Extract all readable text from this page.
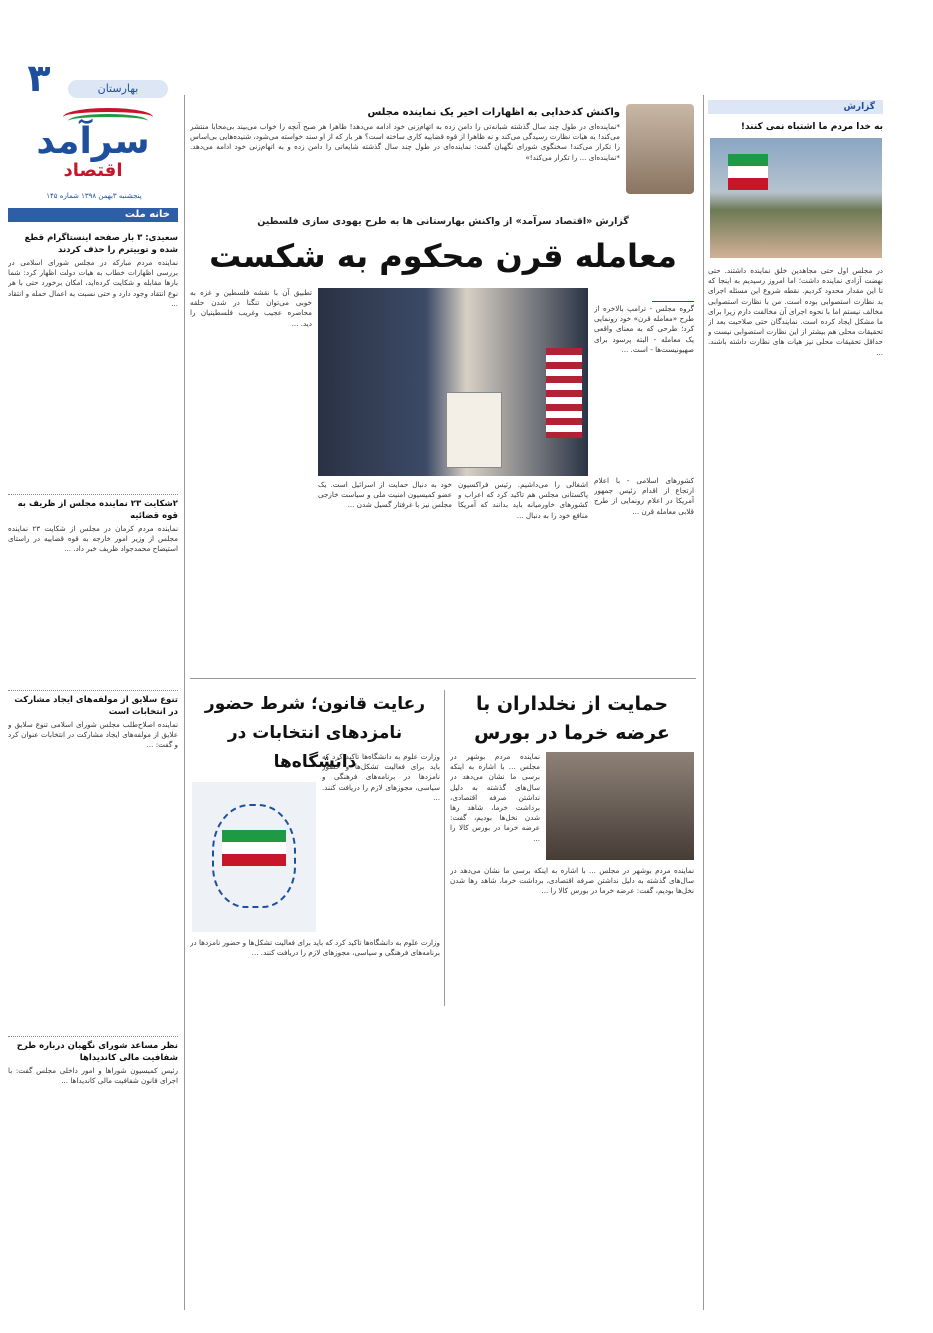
۳	بهارستان
سرآمد
اقتصاد
پنجشنبه ۳بهمن ۱۳۹۸ شماره ۱۴۵
خانه ملت
سعیدی: ۳ بار صفحه اینستاگرام قطع شده و توییترم را حذف کردند
نماینده مردم مبارکه در مجلس شورای اسلامی در بررسی اظهارات خطاب به هیات دولت اظهار کرد: شما بارها مقابله و شکایت کرده‌اید، امکان برخورد حتی با هر نوع انتقاد وجود دارد و حتی نسبت به اعمال حمله و انتقاد ...
۲شکایت ۲۳ نماینده مجلس از ظریف به قوه قضائیه
نماینده مردم کرمان در مجلس از شکایت ۲۳ نماینده مجلس از وزیر امور خارجه به قوه قضاییه در راستای استیضاح محمدجواد ظریف خبر داد. ...
تنوع سلایق از مولفه‌های ایجاد مشارکت در انتخابات است
نماینده اصلاح‌طلب مجلس شورای اسلامی تنوع سلایق و علایق از مولفه‌های ایجاد مشارکت در انتخابات عنوان کرد و گفت: ...
نظر مساعد شورای نگهبان درباره طرح شفافیت مالی کاندیداها
رئیس کمیسیون شوراها و امور داخلی مجلس گفت: با اجرای قانون شفافیت مالی کاندیداها ...
واکنش کدخدایی به اظهارات اخیر یک نماینده مجلس
*نماینده‌ای در طول چند سال گذشته شبانه‌تی را دامن زده به اتهام‌زنی خود ادامه می‌دهد! ظاهرا هر صبح آنچه را خواب می‌بیند بی‌محابا منتشر می‌کند! به هیات نظارت رسیدگی می‌کند و نه ظاهرا از قوه قضاییه کاری ساخته است؟ هر بار که از او سند خواسته می‌شود، شنیده‌هایی بی‌اساس را تکرار می‌کند! سخنگوی شورای نگهبان گفت: نماینده‌ای در طول چند سال گذشته شایعاتی را دامن زده و به اتهام‌زنی خود ادامه می‌دهد. *نماینده‌ای ... را تکرار می‌کند!»
گزارش
به خدا مردم ما اشتباه نمی کنند!
در مجلس اول حتی مجاهدین خلق نماینده داشتند. حتی نهضت آزادی نماینده داشت؛ اما امروز رسیدیم به اینجا که تا این مقدار محدود کردیم. نقطه شروع این مسئله اجرای بد نظارت استصوابی بوده است. من با نظارت استصوابی مخالف نیستم اما با نحوه اجرای آن مخالفت دارم زیرا برای ما مشکل ایجاد کرده است. نمایندگان حتی صلاحیت بعد از تحقیقات محلی هم بیشتر از این نظارت استصوابی نیست و حداقل تحقیقات محلی نیز هیات های نظارت داشته باشند. ...
گزارش «اقتصاد سرآمد» از واکنش بهارستانی ها به طرح یهودی سازی فلسطین
معامله قرن محکوم به شکست
گروه مجلس - ترامپ بالاخره از طرح «معامله قرن» خود رونمایی کرد؛ طرحی که به معنای واقعی یک معامله - البته پرسود برای صهیونیست‌ها - است. ...
کشورهای اسلامی - با اعلام ارتجاع از اقدام رئیس جمهور آمریکا در اعلام رونمایی از طرح قلابی معامله قرن ...
تطبیق آن با نقشه فلسطین و غزه به خوبی می‌توان تنگنا در شدن حلقه محاصره عجیب وغریب فلسطینیان را دید. ...
اشغالی را می‌داشیم. رئیس فراکسیون پاکستانی مجلس هم تاکید کرد که اعراب و کشورهای خاورمیانه باید بدانند که آمریکا منافع خود را به دنبال ...
خود به دنبال حمایت از اسرائیل است. یک عضو کمیسیون امنیت ملی و سیاست خارجی مجلس نیز با غرفتار گسیل شدن ...
حمایت از نخلداران با عرضه خرما در بورس
نماینده مردم بوشهر در مجلس ... با اشاره به اینکه برسی ما نشان می‌دهد در سال‌های گذشته به دلیل نداشتن صرفه اقتصادی، برداشت خرما، شاهد رها شدن نخل‌ها بودیم، گفت: عرضه خرما در بورس کالا را ...
رعایت قانون؛ شرط حضور نامزدهای انتخابات در دانشگاه‌ها
وزارت علوم به دانشگاه‌ها تاکید کرد که باید برای فعالیت تشکل‌ها و حضور نامزدها در برنامه‌های فرهنگی و سیاسی، مجوزهای لازم را دریافت کنند. ...
نماینده مردم بوشهر در مجلس ... با اشاره به اینکه برسی ما نشان می‌دهد در سال‌های گذشته به دلیل نداشتن صرفه اقتصادی، برداشت خرما، شاهد رها شدن نخل‌ها بودیم، گفت: عرضه خرما در بورس کالا را ...
وزارت علوم به دانشگاه‌ها تاکید کرد که باید برای فعالیت تشکل‌ها و حضور نامزدها در برنامه‌های فرهنگی و سیاسی، مجوزهای لازم را دریافت کنند. ...
